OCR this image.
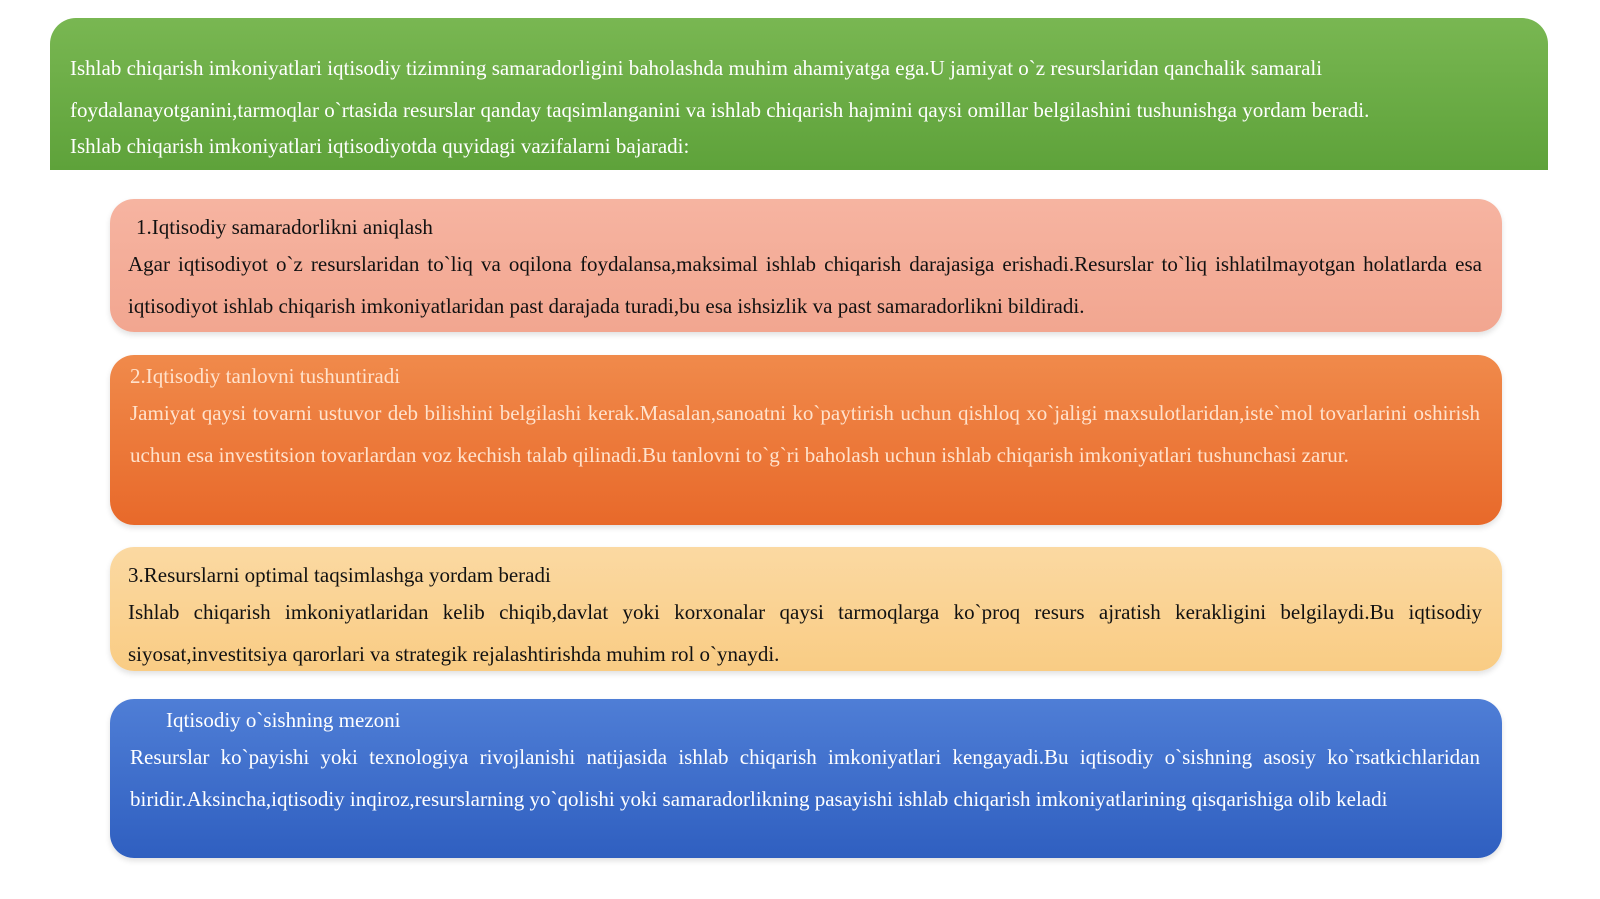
Ishlab chiqarish imkoniyatlari iqtisodiy tizimning samaradorligini baholashda muhim ahamiyatga ega.U jamiyat o`z resurslaridan qanchalik samarali foydalanayotganini,tarmoqlar o`rtasida resurslar qanday taqsimlanganini va ishlab chiqarish hajmini qaysi omillar belgilashini tushunishga yordam beradi.

Ishlab chiqarish imkoniyatlari iqtisodiyotda quyidagi vazifalarni bajaradi:

1.Iqtisodiy samaradorlikni aniqlash

Agar iqtisodiyot o`z resurslaridan to`liq va oqilona foydalansa,maksimal ishlab chiqarish darajasiga erishadi.Resurslar to`liq ishlatilmayotgan holatlarda esa iqtisodiyot ishlab chiqarish imkoniyatlaridan past darajada turadi,bu esa ishsizlik va past samaradorlikni bildiradi.

2.Iqtisodiy tanlovni tushuntiradi

Jamiyat qaysi tovarni ustuvor deb bilishini belgilashi kerak.Masalan,sanoatni ko`paytirish uchun qishloq xo`jaligi maxsulotlaridan,iste`mol tovarlarini oshirish uchun esa investitsion tovarlardan voz kechish talab qilinadi.Bu tanlovni to`g`ri baholash uchun ishlab chiqarish imkoniyatlari tushunchasi zarur.

3.Resurslarni optimal taqsimlashga yordam beradi

Ishlab chiqarish imkoniyatlaridan kelib chiqib,davlat yoki korxonalar qaysi tarmoqlarga ko`proq resurs ajratish kerakligini belgilaydi.Bu iqtisodiy siyosat,investitsiya qarorlari va strategik rejalashtirishda muhim rol o`ynaydi.

Iqtisodiy o`sishning mezoni

Resurslar ko`payishi yoki texnologiya rivojlanishi natijasida ishlab chiqarish imkoniyatlari kengayadi.Bu iqtisodiy o`sishning asosiy ko`rsatkichlaridan biridir.Aksincha,iqtisodiy inqiroz,resurslarning yo`qolishi yoki samaradorlikning pasayishi ishlab chiqarish imkoniyatlarining qisqarishiga olib keladi
